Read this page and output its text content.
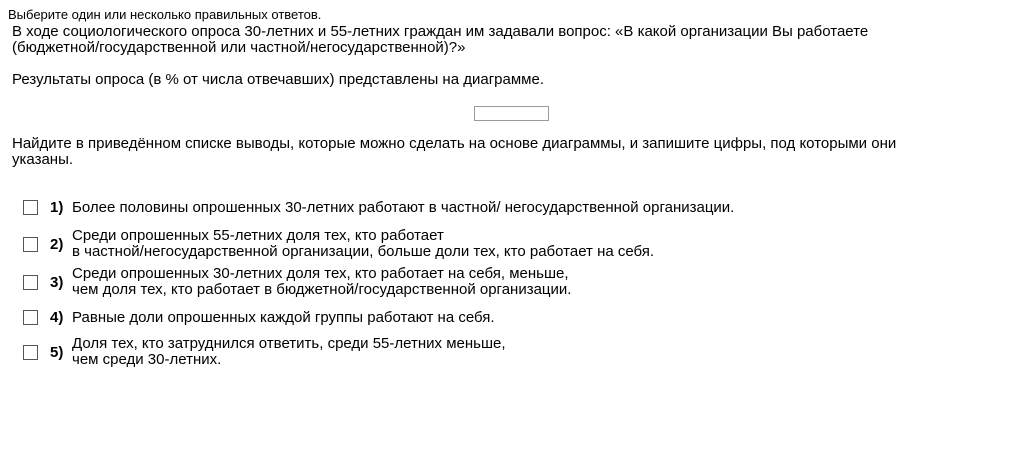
Выберите один или несколько правильных ответов.

В ходе социологического опроса 30-летних и 55-летних граждан им задавали вопрос: «В какой организации Вы работаете
(бюджетной/государственной или частной/негосударственной)?»

Результаты опроса (в % от числа отвечавших) представлены на диаграмме.

Найдите в приведённом списке выводы, которые можно сделать на основе диаграммы, и запишите цифры, под которыми они
указаны.

1) Более половины опрошенных 30-летних работают в частной/ негосударственной организации.
2) Среди опрошенных 55-летних доля тех, кто работает
в частной/негосударственной организации, больше доли тех, кто работает на себя.
3) Среди опрошенных 30-летних доля тех, кто работает на себя, меньше,
чем доля тех, кто работает в бюджетной/государственной организации.
4) Равные доли опрошенных каждой группы работают на себя.
5) Доля тех, кто затруднился ответить, среди 55-летних меньше,
чем среди 30-летних.
